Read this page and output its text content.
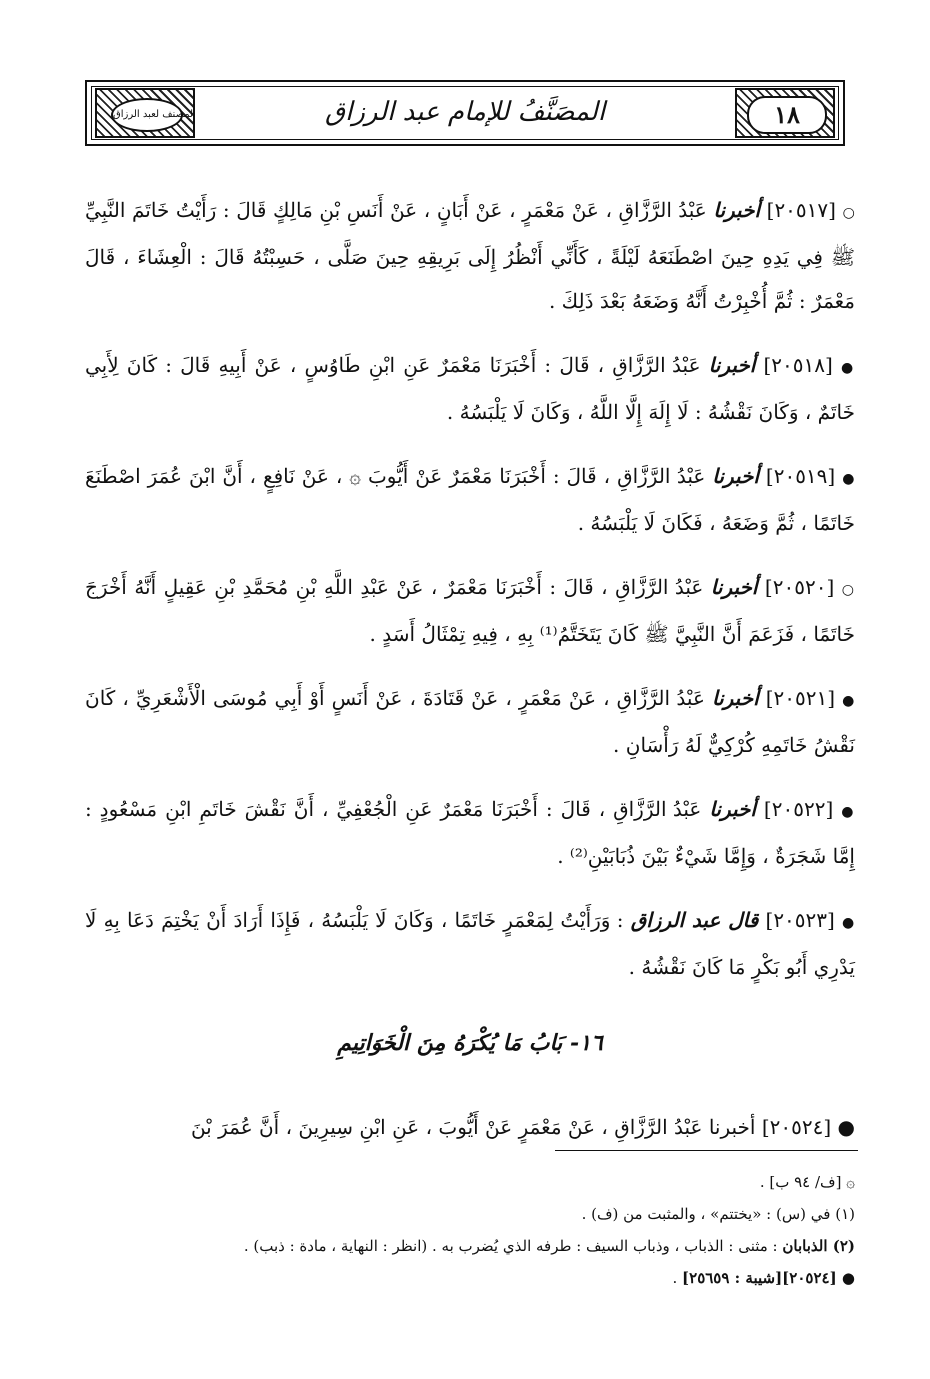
المصنف لعبد الرزاق	١٨
المصَنَّفُ للإمام عبد الرزاق

○ [٢٠٥١٧] أخبرنا عَبْدُ الرَّزَّاقِ ، عَنْ مَعْمَرٍ ، عَنْ أَبَانٍ ، عَنْ أَنَسِ بْنِ مَالِكٍ قَالَ : رَأَيْتُ خَاتَمَ النَّبِيِّ ﷺ فِي يَدِهِ حِينَ اصْطَنَعَهُ لَيْلَةً ، كَأَنِّي أَنْظُرُ إِلَى بَرِيقِهِ حِينَ صَلَّى ، حَسِبْتُهُ قَالَ : الْعِشَاءَ ، قَالَ مَعْمَرٌ : ثُمَّ أُخْبِرْتُ أَنَّهُ وَضَعَهُ بَعْدَ ذَلِكَ .

● [٢٠٥١٨] أخبرنا عَبْدُ الرَّزَّاقِ ، قَالَ : أَخْبَرَنَا مَعْمَرٌ عَنِ ابْنِ طَاوُسٍ ، عَنْ أَبِيهِ قَالَ : كَانَ لِأَبِي خَاتَمٌ ، وَكَانَ نَقْشُهُ : لَا إِلَهَ إِلَّا اللَّهُ ، وَكَانَ لَا يَلْبَسُهُ .

● [٢٠٥١٩] أخبرنا عَبْدُ الرَّزَّاقِ ، قَالَ : أَخْبَرَنَا مَعْمَرٌ عَنْ أَيُّوبَ ۞ ، عَنْ نَافِعٍ ، أَنَّ ابْنَ عُمَرَ اصْطَنَعَ خَاتَمًا ، ثُمَّ وَضَعَهُ ، فَكَانَ لَا يَلْبَسُهُ .

○ [٢٠٥٢٠] أخبرنا عَبْدُ الرَّزَّاقِ ، قَالَ : أَخْبَرَنَا مَعْمَرٌ ، عَنْ عَبْدِ اللَّهِ بْنِ مُحَمَّدِ بْنِ عَقِيلٍ أَنَّهُ أَخْرَجَ خَاتَمًا ، فَزَعَمَ أَنَّ النَّبِيَّ ﷺ كَانَ يَتَخَتَّمُ⁽¹⁾ بِهِ ، فِيهِ تِمْثَالُ أَسَدٍ .

● [٢٠٥٢١] أخبرنا عَبْدُ الرَّزَّاقِ ، عَنْ مَعْمَرٍ ، عَنْ قَتَادَةَ ، عَنْ أَنَسٍ أَوْ أَبِي مُوسَى الْأَشْعَرِيِّ ، كَانَ نَقْشُ خَاتَمِهِ كُرْكِيٌّ لَهُ رَأْسَانِ .

● [٢٠٥٢٢] أخبرنا عَبْدُ الرَّزَّاقِ ، قَالَ : أَخْبَرَنَا مَعْمَرٌ عَنِ الْجُعْفِيِّ ، أَنَّ نَقْشَ خَاتَمِ ابْنِ مَسْعُودٍ : إِمَّا شَجَرَةٌ ، وَإِمَّا شَيْءٌ بَيْنَ ذُبَابَيْنِ⁽²⁾ .

● [٢٠٥٢٣] قال عبد الرزاق : وَرَأَيْتُ لِمَعْمَرٍ خَاتَمًا ، وَكَانَ لَا يَلْبَسُهُ ، فَإِذَا أَرَادَ أَنْ يَخْتِمَ دَعَا بِهِ لَا يَدْرِي أَبُو بَكْرٍ مَا كَانَ نَقْشُهُ .

١٦- بَابُ مَا يُكْرَهُ مِنَ الْخَوَاتِيمِ

● [٢٠٥٢٤] أخبرنا عَبْدُ الرَّزَّاقِ ، عَنْ مَعْمَرٍ عَنْ أَيُّوبَ ، عَنِ ابْنِ سِيرِينَ ، أَنَّ عُمَرَ بْنَ

۞ [ف/ ٩٤ ب] .
(١) في (س) : «يختتم» ، والمثبت من (ف) .
(٢) الذبابان : مثنى : الذباب ، وذباب السيف : طرفه الذي يُضرب به . (انظر : النهاية ، مادة : ذبب) .
● [٢٠٥٢٤][شيبة : ٢٥٦٥٩] .
